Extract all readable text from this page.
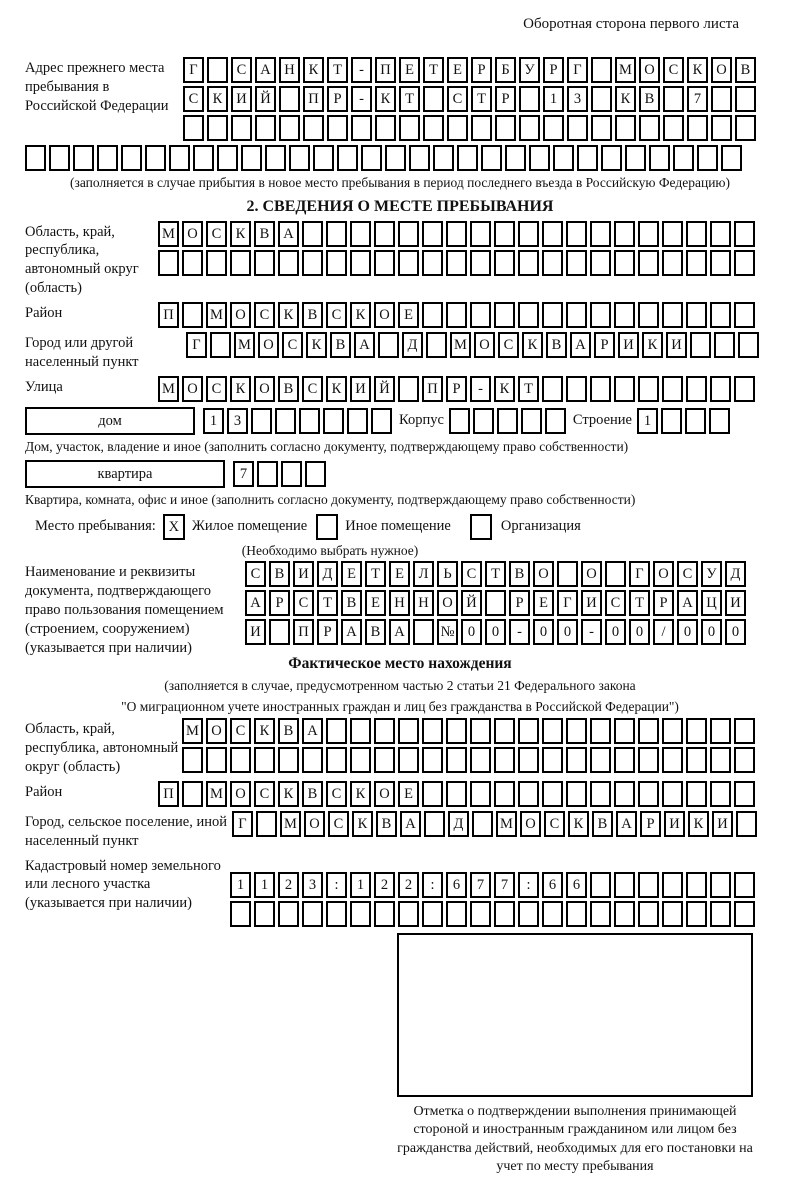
Оборотная сторона первого листа
Адрес прежнего места пребывания в Российской Федерации
Г	С А Н К	Т	-	П Е	Т	Е	Р	Б	У	Р	Г	М О С К О В
С К И Й	П	Р	-	К	Т	С	Т	Р	1	3	К В	7
(заполняется в случае прибытия в новое место пребывания в период последнего въезда в Российскую Федерацию)
2. СВЕДЕНИЯ О МЕСТЕ ПРЕБЫВАНИЯ
Область, край, республика, автономный округ (область)
М О С К В А
Район	П	М О С К В С К О Е
Город или другой населенный пункт
Г	М О С К В А	Д	М О С К В А	Р	И К И
Улица	М О С К О В С К И Й	П	Р	-	К	Т
дом	1	3	Корпус	Строение 1
Дом, участок, владение и иное (заполнить согласно документу, подтверждающему право собственности)
квартира	7
Квартира, комната, офис и иное (заполнить согласно документу, подтверждающему право собственности)
Место пребывания: X Жилое помещение	Иное помещение	Организация
(Необходимо выбрать нужное)
Наименование и реквизиты документа, подтверждающего право пользования помещением (строением, сооружением) (указывается при наличии)
С В И Д	Е	Т	Е	Л	Ь	С	Т	В О	О	Г	О С У Д
А	Р	С	Т	В	Е Н Н О Й	Р	Е	Г	И С	Т	Р	А Ц И
И	П	Р	А В А	№ 0	0	-	0	0	-	0	0	/	0	0	0
Фактическое место нахождения
(заполняется в случае, предусмотренном частью 2 статьи 21 Федерального закона
"О миграционном учете иностранных граждан и лиц без гражданства в Российской Федерации")
Область, край, республика, автономный округ (область)
М О С К В А
Район	П	М О С К В С К О Е
Город, сельское поселение, иной населенный пункт
Г	М О С К В А	Д	М О С К В А	Р	И К И
Кадастровый номер земельного или лесного участка (указывается при наличии)
1	1	2	3	:	1	2	2	:	6	7	7	:	6	6
Отметка о подтверждении выполнения принимающей стороной и иностранным гражданином или лицом без гражданства действий, необходимых для его постановки на учет по месту пребывания
